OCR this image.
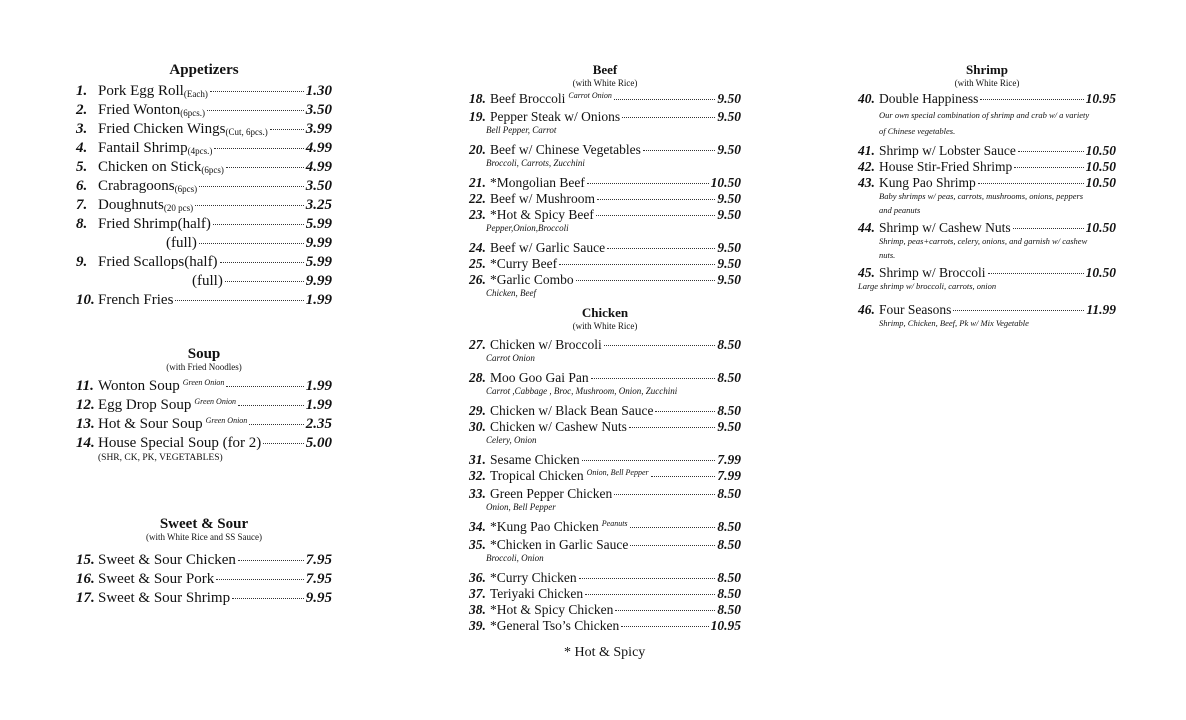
Appetizers
1. Pork Egg Roll(Each)	1.30
2. Fried Wonton(6pcs.)	3.50
3. Fried Chicken Wings(Cut, 6pcs.)	3.99
4. Fantail Shrimp(4pcs.)	4.99
5. Chicken on Stick(6pcs)	4.99
6. Crabragoons(6pcs)	3.50
7. Doughnuts(20 pcs)	3.25
8. Fried Shrimp(half)	5.99
(full)	9.99
9. Fried Scallops(half)	5.99
(full)	9.99
10. French Fries	1.99
Soup
(with Fried Noodles)
11. Wonton Soup Green Onion	1.99
12. Egg Drop Soup Green Onion	1.99
13. Hot & Sour Soup Green Onion	2.35
14. House Special Soup (for 2)	5.00
(SHR, CK, PK, VEGETABLES)
Sweet & Sour
(with White Rice and SS Sauce)
15. Sweet & Sour Chicken	7.95
16. Sweet & Sour Pork	7.95
17. Sweet & Sour Shrimp	9.95
Beef
(with White Rice)
18. Beef Broccoli Carrot Onion	9.50
19. Pepper Steak w/ Onions	9.50
Bell Pepper, Carrot
20. Beef w/ Chinese Vegetables	9.50
Broccoli, Carrots, Zucchini
21. *Mongolian Beef	10.50
22. Beef w/ Mushroom	9.50
23. *Hot & Spicy Beef	9.50
Pepper,Onion,Broccoli
24. Beef w/ Garlic Sauce	9.50
25. *Curry Beef	9.50
26. *Garlic Combo	9.50
Chicken, Beef
Chicken
(with White Rice)
27. Chicken w/ Broccoli	8.50
Carrot Onion
28. Moo Goo Gai Pan	8.50
Carrot ,Cabbage , Broc, Mushroom, Onion, Zucchini
29. Chicken w/ Black Bean Sauce	8.50
30. Chicken w/ Cashew Nuts	9.50
Celery, Onion
31. Sesame Chicken	7.99
32. Tropical Chicken Onion, Bell Pepper	7.99
33. Green Pepper Chicken	8.50
Onion, Bell Pepper
34. *Kung Pao Chicken Peanuts	8.50
35. *Chicken in Garlic Sauce	8.50
Broccoli, Onion
36. *Curry Chicken	8.50
37. Teriyaki Chicken	8.50
38. *Hot & Spicy Chicken	8.50
39. *General Tso’s Chicken	10.95
Shrimp
(with White Rice)
40. Double Happiness	10.95
Our own special combination of shrimp and crab w/ a variety
of Chinese vegetables.
41. Shrimp w/ Lobster Sauce	10.50
42. House Stir-Fried Shrimp	10.50
43. Kung Pao Shrimp	10.50
Baby shrimps w/ peas, carrots, mushrooms, onions, peppers
and peanuts
44. Shrimp w/ Cashew Nuts	10.50
Shrimp, peas+carrots, celery, onions, and garnish w/ cashew
nuts.
45. Shrimp w/ Broccoli	10.50
Large shrimp w/ broccoli, carrots, onion
46. Four Seasons	11.99
Shrimp, Chicken, Beef, Pk w/ Mix Vegetable
* Hot & Spicy
